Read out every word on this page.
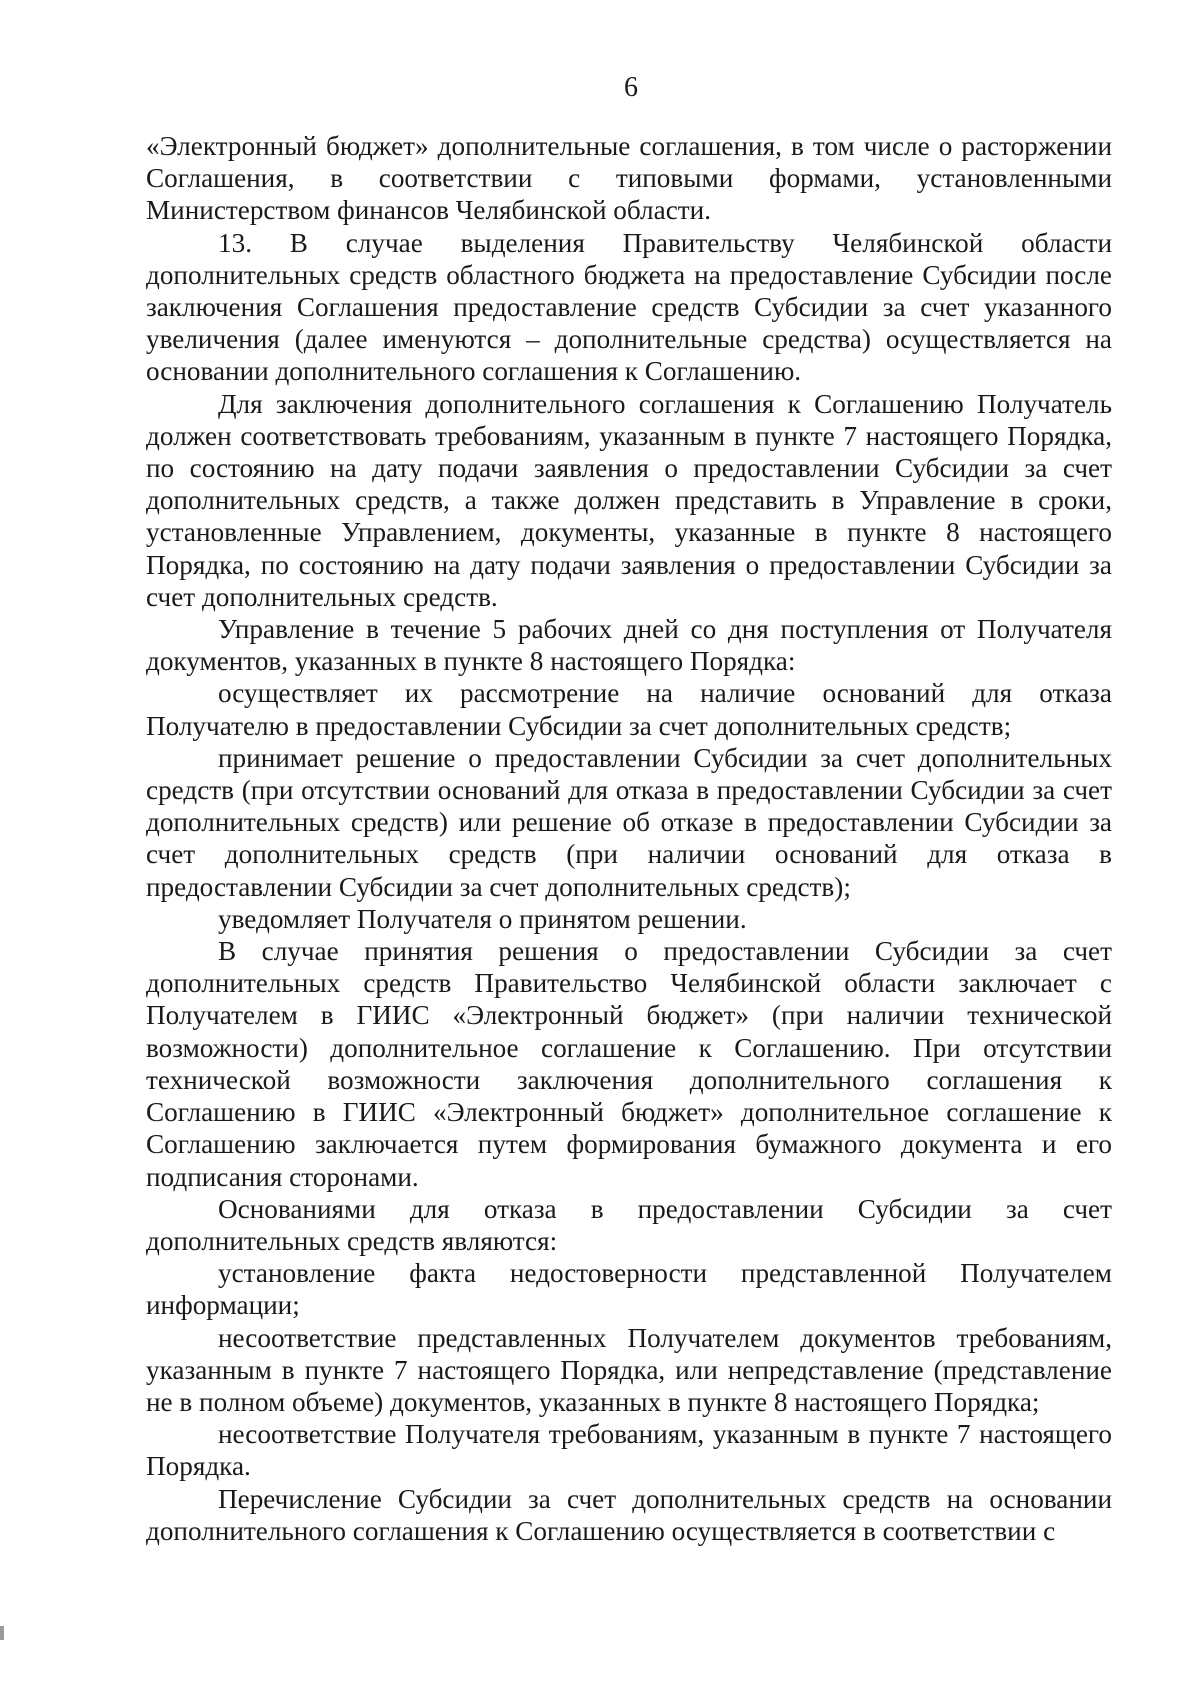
6

«Электронный бюджет» дополнительные соглашения, в том числе о расторжении Соглашения, в соответствии с типовыми формами, установленными Министерством финансов Челябинской области.

13. В случае выделения Правительству Челябинской области дополнительных средств областного бюджета на предоставление Субсидии после заключения Соглашения предоставление средств Субсидии за счет указанного увеличения (далее именуются – дополнительные средства) осуществляется на основании дополнительного соглашения к Соглашению.

Для заключения дополнительного соглашения к Соглашению Получатель должен соответствовать требованиям, указанным в пункте 7 настоящего Порядка, по состоянию на дату подачи заявления о предоставлении Субсидии за счет дополнительных средств, а также должен представить в Управление в сроки, установленные Управлением, документы, указанные в пункте 8 настоящего Порядка, по состоянию на дату подачи заявления о предоставлении Субсидии за счет дополнительных средств.

Управление в течение 5 рабочих дней со дня поступления от Получателя документов, указанных в пункте 8 настоящего Порядка:

осуществляет их рассмотрение на наличие оснований для отказа Получателю в предоставлении Субсидии за счет дополнительных средств;

принимает решение о предоставлении Субсидии за счет дополнительных средств (при отсутствии оснований для отказа в предоставлении Субсидии за счет дополнительных средств) или решение об отказе в предоставлении Субсидии за счет дополнительных средств (при наличии оснований для отказа в предоставлении Субсидии за счет дополнительных средств);

уведомляет Получателя о принятом решении.

В случае принятия решения о предоставлении Субсидии за счет дополнительных средств Правительство Челябинской области заключает с Получателем в ГИИС «Электронный бюджет» (при наличии технической возможности) дополнительное соглашение к Соглашению. При отсутствии технической возможности заключения дополнительного соглашения к Соглашению в ГИИС «Электронный бюджет» дополнительное соглашение к Соглашению заключается путем формирования бумажного документа и его подписания сторонами.

Основаниями для отказа в предоставлении Субсидии за счет дополнительных средств являются:

установление факта недостоверности представленной Получателем информации;

несоответствие представленных Получателем документов требованиям, указанным в пункте 7 настоящего Порядка, или непредставление (представление не в полном объеме) документов, указанных в пункте 8 настоящего Порядка;

несоответствие Получателя требованиям, указанным в пункте 7 настоящего Порядка.

Перечисление Субсидии за счет дополнительных средств на основании дополнительного соглашения к Соглашению осуществляется в соответствии с
